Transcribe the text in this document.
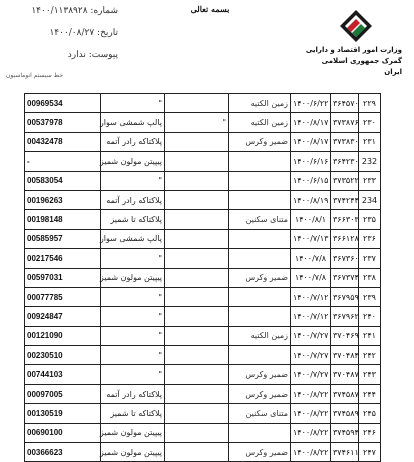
بسمه تعالی
وزارت امور اقتصاد و دارایی
گمرک جمهوری اسلامی ایران
شماره: ۱۴۰۰/۱۱۳۸۹۲۸
تاریخ: ۱۴۰۰/۰۸/۲۷
پیوست: ندارد
خط سیستم اتوماسیون
00969534	"		زمین الکتیه	۱۴۰۰/۶/۲۲	۳۶۴۵۷۰	۲۲۹
00537978	پالپ شمشی سوار	"	زمین الکتیه	۱۴۰۰/۸/۱۷	۳۷۳۸۷۶	۲۳۰
00432478	پلاکتاکه رادر آتمه		ضمیر وکرس	۱۴۰۰/۸/۱۷	۳۷۳۸۳۰	۲۳۱
-	پیپیتن مولون شمیز			۱۴۰۰/۶/۱۶	۳۶۴۲۳۰	232
00583054	"			۱۴۰۰/۶/۱۵	۳۷۳۵۲۲	۲۳۳
00196263	پلاکتاکه رادر آتمه			۱۴۰۰/۸/۱۹	۳۷۴۲۴۴	234
00198148	پلاکتاکه تا شمیز		متنای سکنین	۱۴۰۰/۸/۱	۳۶۶۳۰۳	۲۳۵
00585957	پالپ شمشی سوار			۱۴۰۰/۷/۱۳	۳۶۶۱۲۸	۲۳۶
00217546	"			۱۴۰۰/۷/۸	۳۶۷۳۶۰	۲۳۷
00597031	پیپیتن مولون شمیز		ضمیر وکرس	۱۴۰۰/۷/۸	۳۶۷۳۷۴	۲۳۸
00077785	"			۱۴۰۰/۷/۱۲	۳۶۷۹۵۹	۲۳۹
00924847	"			۱۴۰۰/۷/۱۲	۳۶۷۹۶۲	۲۴۰
00121090	"		زمین الکتیه	۱۴۰۰/۷/۲۷	۳۷۰۴۶۹	۲۴۱
00230510	"			۱۴۰۰/۷/۲۷	۳۷۰۴۸۴	۲۴۲
00744103	"		ضمیر وکرس	۱۴۰۰/۷/۲۷	۳۷۰۴۸۷	۲۴۳
00097005	پلاکتاکه رادر آتمه		ضمیر وکرس	۱۴۰۰/۸/۲۲	۳۷۴۵۸۷	۲۴۴
00130519	پلاکتاکه تا شمیز		متنای سکنین	۱۴۰۰/۸/۲۲	۳۷۴۵۸۹	۲۴۵
00690100	پیپیتن مولون شمیز			۱۴۰۰/۸/۲۲	۳۷۴۵۹۴	۲۴۶
00366623	پیپیتن مولون شمیز		ضمیر وکرس	۱۴۰۰/۸/۲۲	۳۷۴۶۱۱	۲۴۷
